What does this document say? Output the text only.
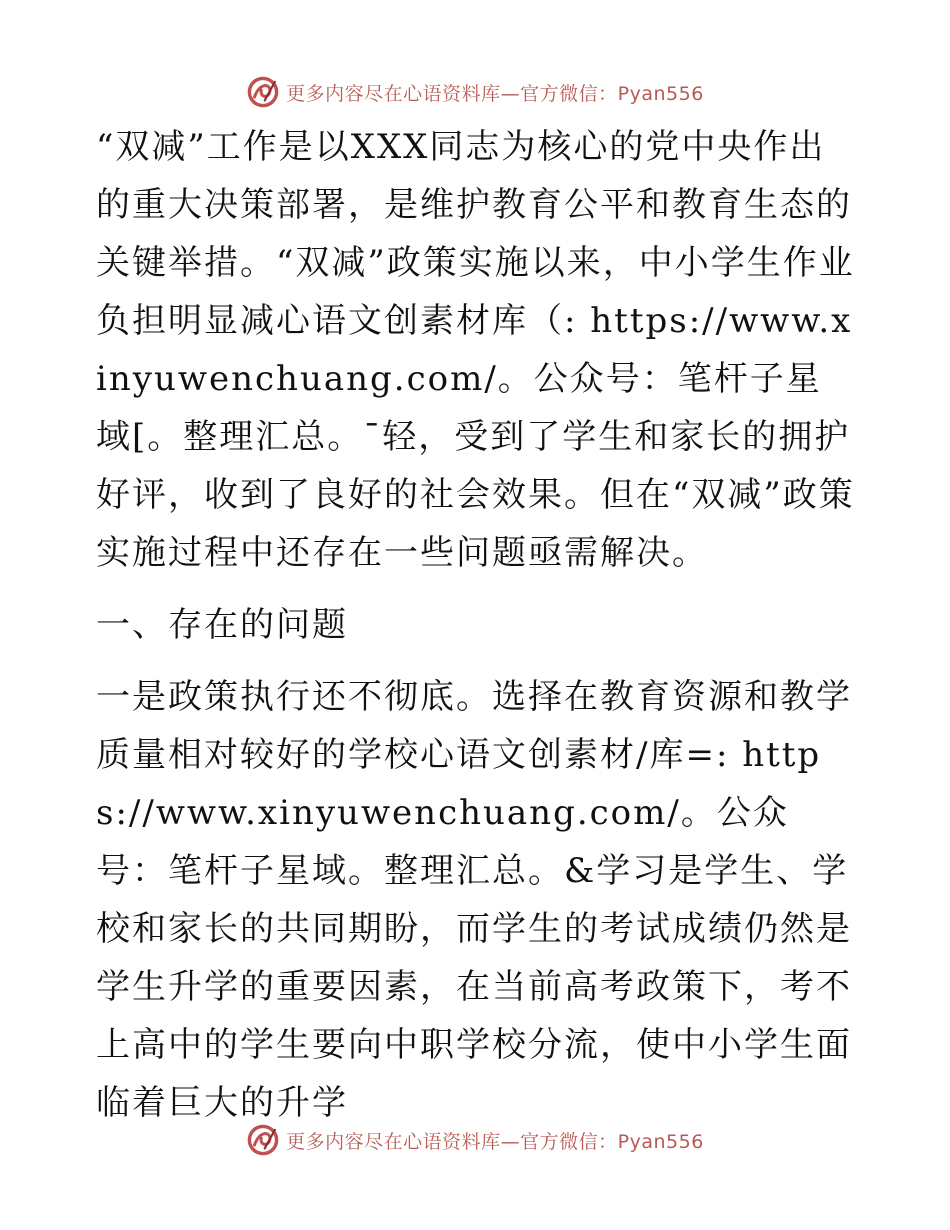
更多内容尽在心语资料库—官方微信：Pyan556

“双减”工作是以XXX同志为核心的党中央作出的重大决策部署，是维护教育公平和教育生态的关键举措。“双减”政策实施以来，中小学生作业负担明显减心语文创素材库（: https://www.xinyuwenchuang.com/。公众号：笔杆子星域[。整理汇总。¯轻，受到了学生和家长的拥护好评，收到了良好的社会效果。但在“双减”政策实施过程中还存在一些问题亟需解决。

一、存在的问题

一是政策执行还不彻底。选择在教育资源和教学质量相对较好的学校心语文创素材/库=: https://www.xinyuwenchuang.com/。公众号：笔杆子星域。整理汇总。&学习是学生、学校和家长的共同期盼，而学生的考试成绩仍然是学生升学的重要因素，在当前高考政策下，考不上高中的学生要向中职学校分流，使中小学生面临着巨大的升学

更多内容尽在心语资料库—官方微信：Pyan556
